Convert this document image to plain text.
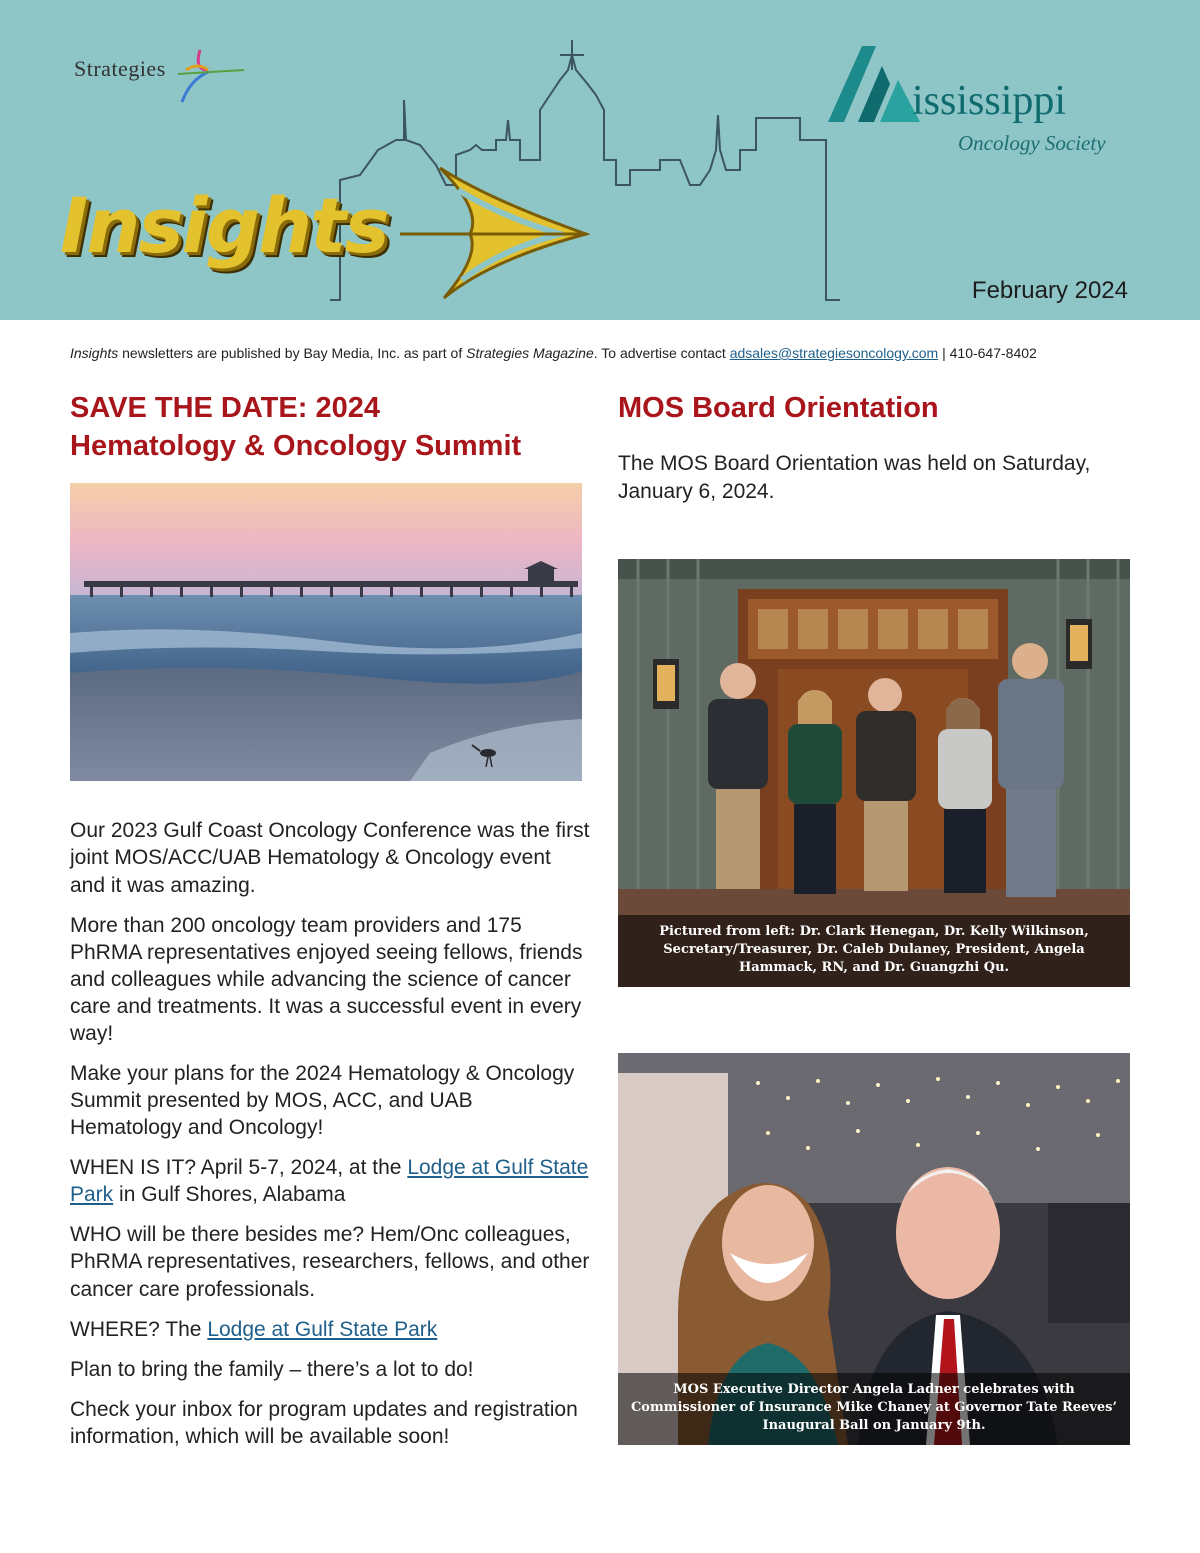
Strategies
Insights
ississippi
Oncology Society
February 2024
Insights newsletters are published by Bay Media, Inc. as part of Strategies Magazine. To advertise contact adsales@strategiesoncology.com | 410-647-8402
SAVE THE DATE: 2024
Hematology & Oncology Summit

Our 2023 Gulf Coast Oncology Conference was the first joint MOS/ACC/UAB Hematology & Oncology event and it was amazing.

More than 200 oncology team providers and 175 PhRMA representatives enjoyed seeing fellows, friends and colleagues while advancing the science of cancer care and treatments. It was a successful event in every way!

Make your plans for the 2024 Hematology & Oncology Summit presented by MOS, ACC, and UAB Hematology and Oncology!

WHEN IS IT? April 5-7, 2024, at the Lodge at Gulf State Park in Gulf Shores, Alabama

WHO will be there besides me? Hem/Onc colleagues, PhRMA representatives, researchers, fellows, and other cancer care professionals.

WHERE? The Lodge at Gulf State Park

Plan to bring the family – there’s a lot to do!

Check your inbox for program updates and registration information, which will be available soon!

MOS Board Orientation

The MOS Board Orientation was held on Saturday, January 6, 2024.

Pictured from left: Dr. Clark Henegan, Dr. Kelly Wilkinson, Secretary/Treasurer, Dr. Caleb Dulaney, President, Angela Hammack, RN, and Dr. Guangzhi Qu.
MOS Executive Director Angela Ladner celebrates with Commissioner of Insurance Mike Chaney at Governor Tate Reeves’ Inaugural Ball on January 9th.
